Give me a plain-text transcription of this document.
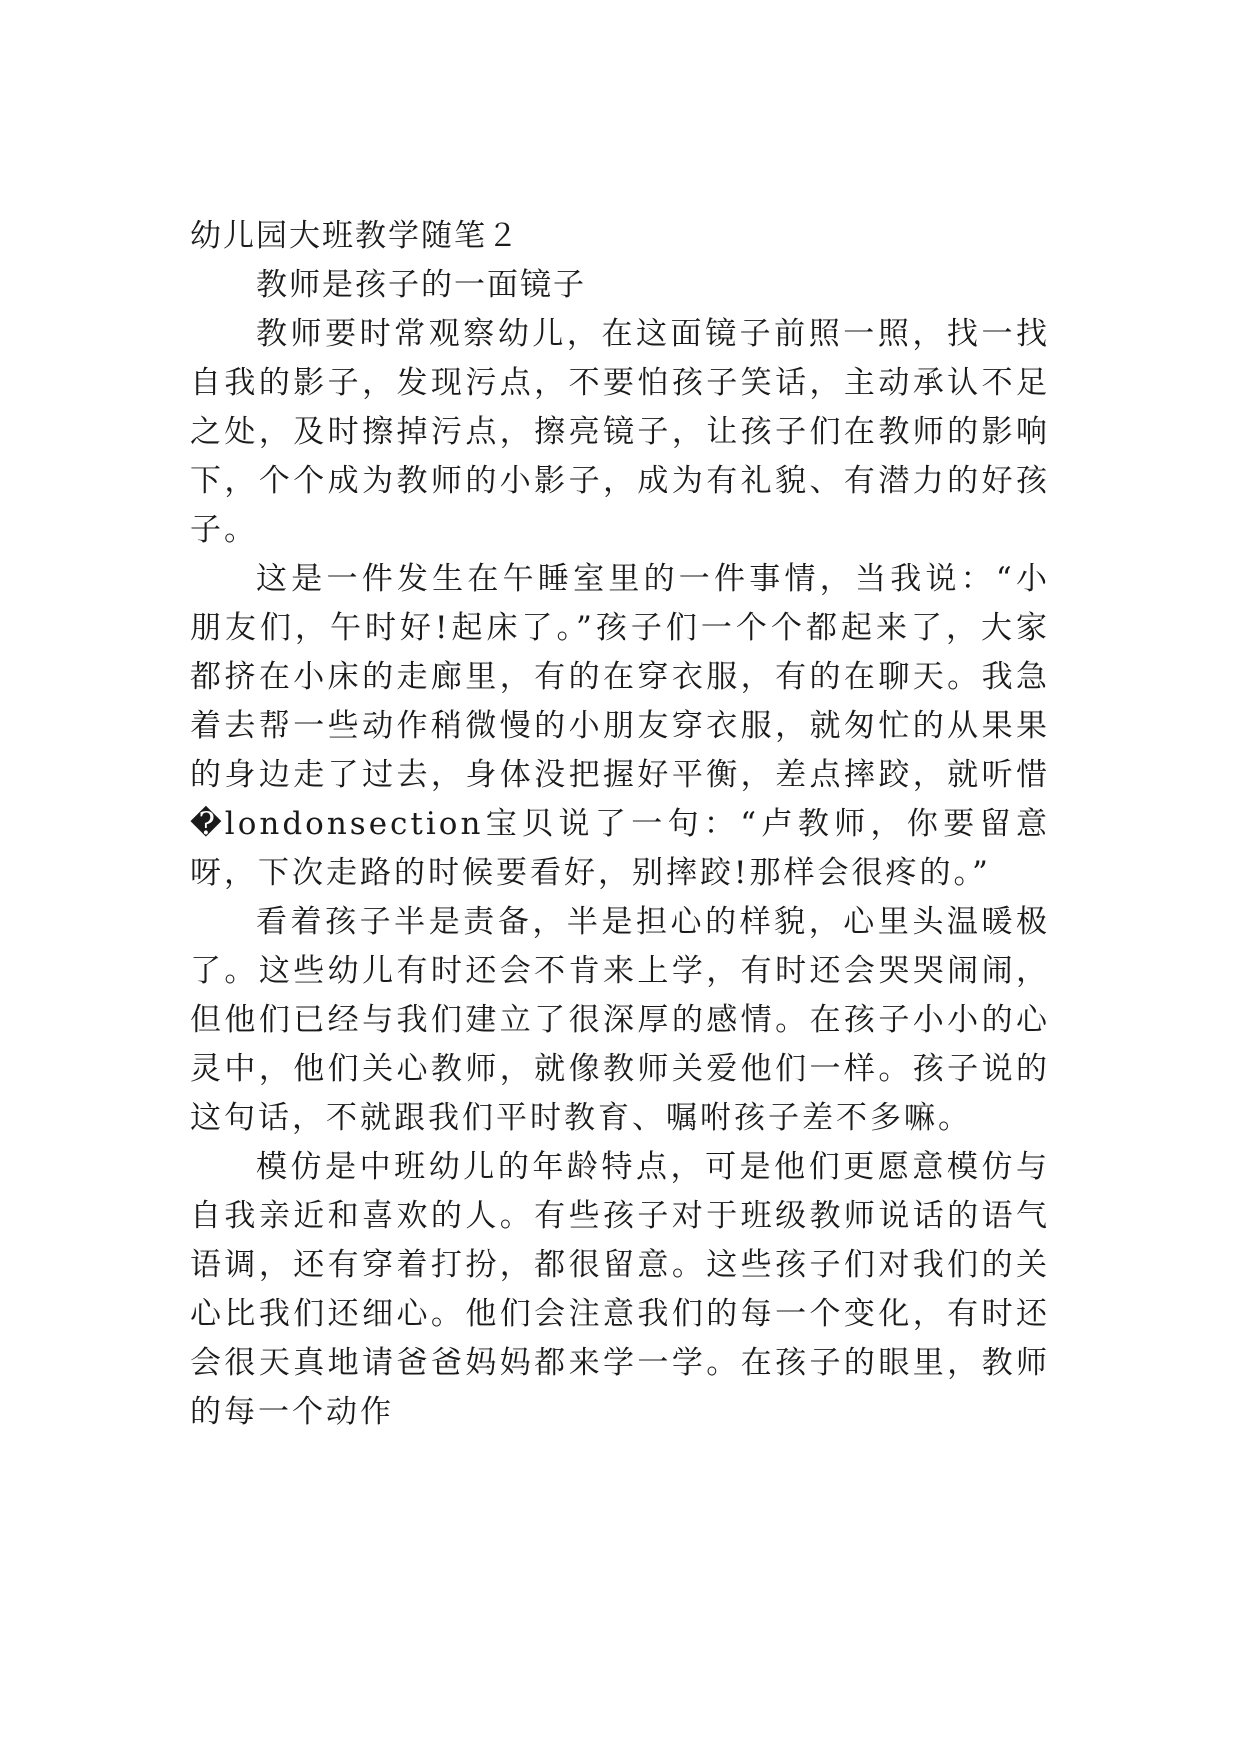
幼儿园大班教学随笔２

教师是孩子的一面镜子

教师要时常观察幼儿，在这面镜子前照一照，找一找自我的影子，发现污点，不要怕孩子笑话，主动承认不足之处，及时擦掉污点，擦亮镜子，让孩子们在教师的影响下，个个成为教师的小影子，成为有礼貌、有潜力的好孩子。

这是一件发生在午睡室里的一件事情，当我说：“小朋友们，午时好!起床了。”孩子们一个个都起来了，大家都挤在小床的走廊里，有的在穿衣服，有的在聊天。我急着去帮一些动作稍微慢的小朋友穿衣服，就匆忙的从果果的身边走了过去，身体没把握好平衡，差点摔跤，就听惜�londonsection宝贝说了一句：“卢教师，你要留意呀，下次走路的时候要看好，别摔跤!那样会很疼的。”

看着孩子半是责备，半是担心的样貌，心里头温暖极了。这些幼儿有时还会不肯来上学，有时还会哭哭闹闹，但他们已经与我们建立了很深厚的感情。在孩子小小的心灵中，他们关心教师，就像教师关爱他们一样。孩子说的这句话，不就跟我们平时教育、嘱咐孩子差不多嘛。

模仿是中班幼儿的年龄特点，可是他们更愿意模仿与自我亲近和喜欢的人。有些孩子对于班级教师说话的语气语调，还有穿着打扮，都很留意。这些孩子们对我们的关心比我们还细心。他们会注意我们的每一个变化，有时还会很天真地请爸爸妈妈都来学一学。在孩子的眼里，教师的每一个动作
